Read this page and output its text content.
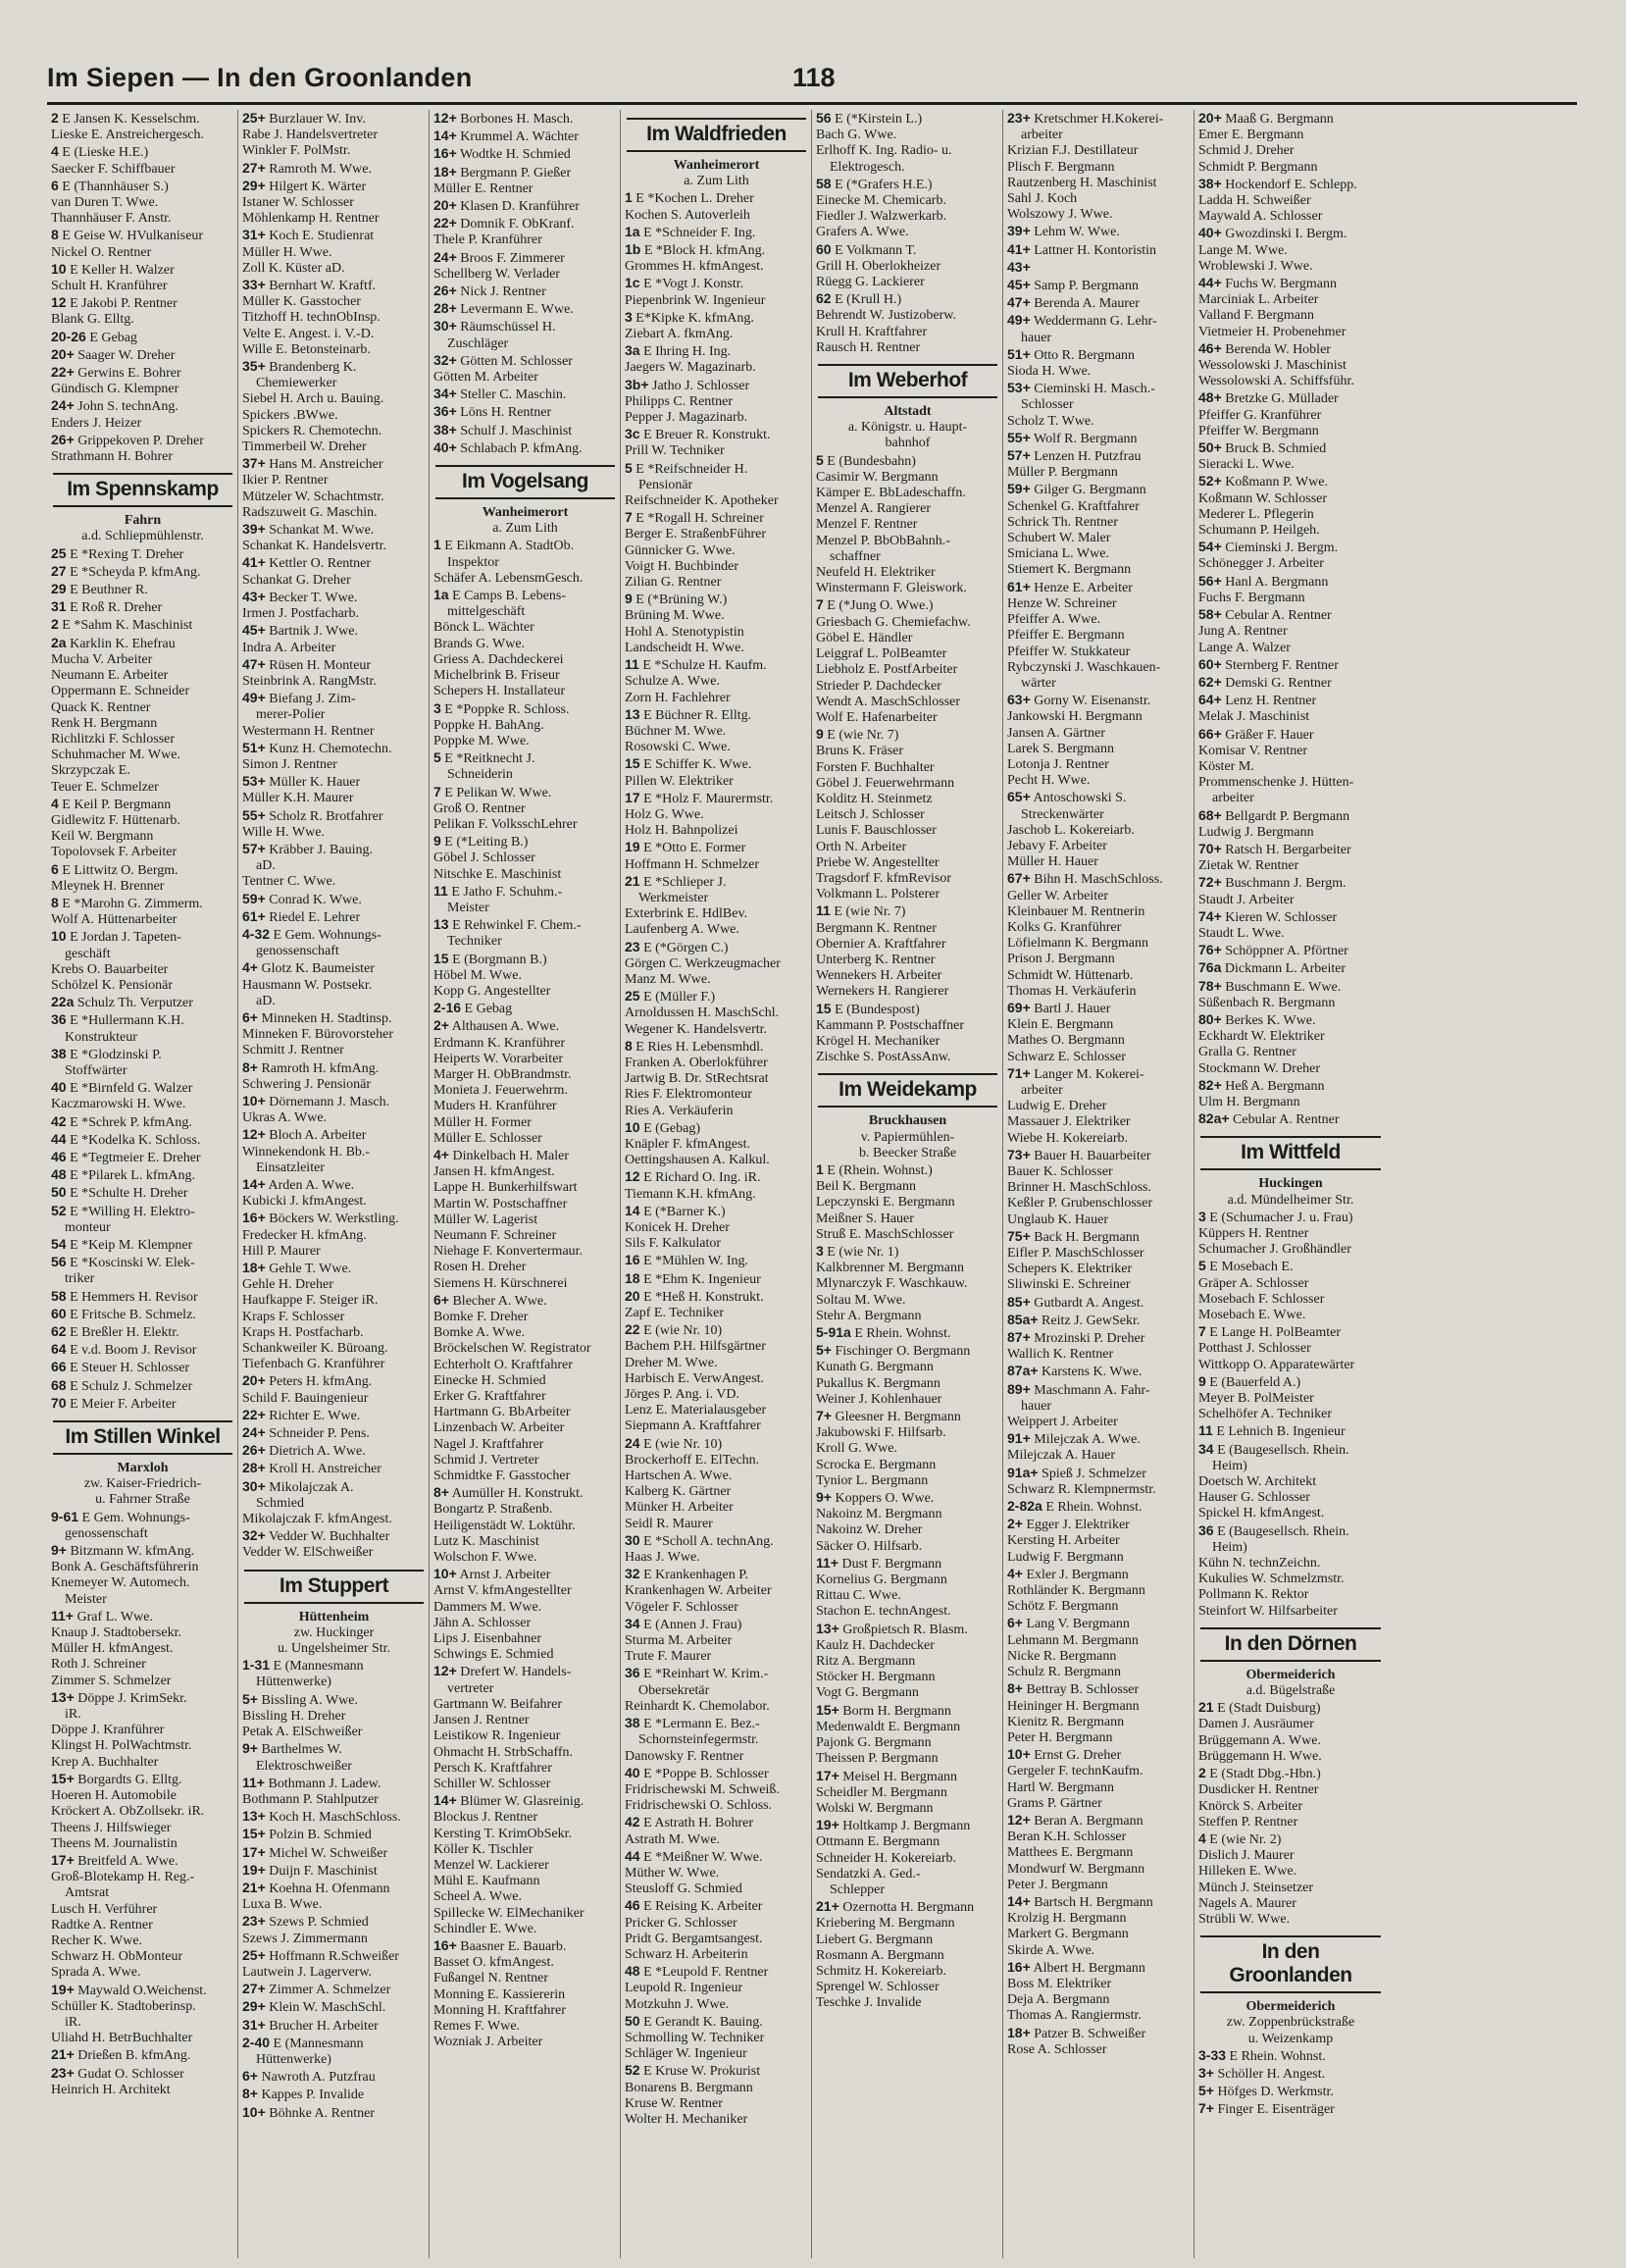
Im Siepen — In den Groonlanden	118
2 E Jansen K. Kesselschm.
Lieske E. Anstreichergesch.
4 E (Lieske H.E.)
Saecker F. Schiffbauer
6 E (Thannhäuser S.)
van Duren T. Wwe.
Thannhäuser F. Anstr.
8 E Geise W. HVulkaniseur
Nickel O. Rentner
10 E Keller H. Walzer
Schult H. Kranführer
12 E Jakobi P. Rentner
Blank G. Elltg.
20-26 E Gebag
20+ Saager W. Dreher
22+ Gerwins E. Bohrer
Gündisch G. Klempner
24+ John S. technAng.
Enders J. Heizer
26+ Grippekoven P. Dreher
Strathmann H. Bohrer
Im Spennskamp
Fahrn
a.d. Schliepmühlenstr.
25 E *Rexing T. Dreher
27 E *Scheyda P. kfmAng.
29 E Beuthner R.
31 E Roß R. Dreher
2 E *Sahm K. Maschinist
2a Karklin K. Ehefrau
Mucha V. Arbeiter
Neumann E. Arbeiter
Oppermann E. Schneider
Quack K. Rentner
Renk H. Bergmann
Richlitzki F. Schlosser
Schuhmacher M. Wwe.
Skrzypczak E.
Teuer E. Schmelzer
4 E Keil P. Bergmann
Gidlewitz F. Hüttenarb.
Keil W. Bergmann
Topolovsek F. Arbeiter
6 E Littwitz O. Bergm.
Mleynek H. Brenner
8 E *Marohn G. Zimmerm.
Wolf A. Hüttenarbeiter
10 E Jordan J. Tapeten-
geschäft
Krebs O. Bauarbeiter
Schölzel K. Pensionär
22a Schulz Th. Verputzer
36 E *Hullermann K.H.
Konstrukteur
38 E *Glodzinski P.
Stoffwärter
40 E *Birnfeld G. Walzer
Kaczmarowski H. Wwe.
42 E *Schrek P. kfmAng.
44 E *Kodelka K. Schloss.
46 E *Tegtmeier E. Dreher
48 E *Pilarek L. kfmAng.
50 E *Schulte H. Dreher
52 E *Willing H. Elektro-
monteur
54 E *Keip M. Klempner
56 E *Koscinski W. Elek-
triker
58 E Hemmers H. Revisor
60 E Fritsche B. Schmelz.
62 E Breßler H. Elektr.
64 E v.d. Boom J. Revisor
66 E Steuer H. Schlosser
68 E Schulz J. Schmelzer
70 E Meier F. Arbeiter
Im Stillen Winkel
Marxloh
zw. Kaiser-Friedrich-
u. Fahrner Straße
9-61 E Gem. Wohnungs-
genossenschaft
9+ Bitzmann W. kfmAng.
Bonk A. Geschäftsführerin
Knemeyer W. Automech.
Meister
11+ Graf L. Wwe.
Knaup J. Stadtobersekr.
Müller H. kfmAngest.
Roth J. Schreiner
Zimmer S. Schmelzer
13+ Döppe J. KrimSekr.
iR.
Döppe J. Kranführer
Klingst H. PolWachtmstr.
Krep A. Buchhalter
15+ Borgardts G. Elltg.
Hoeren H. Automobile
Kröckert A. ObZollsekr. iR.
Theens J. Hilfswieger
Theens M. Journalistin
17+ Breitfeld A. Wwe.
Groß-Blotekamp H. Reg.-
Amtsrat
Lusch H. Verführer
Radtke A. Rentner
Recher K. Wwe.
Schwarz H. ObMonteur
Sprada A. Wwe.
19+ Maywald O.Weichenst.
Schüller K. Stadtoberinsp.
iR.
Uliahd H. BetrBuchhalter
21+ Drießen B. kfmAng.
23+ Gudat O. Schlosser
Heinrich H. Architekt
25+ Burzlauer W. Inv.
Rabe J. Handelsvertreter
Winkler F. PolMstr.
27+ Ramroth M. Wwe.
29+ Hilgert K. Wärter
Istaner W. Schlosser
Möhlenkamp H. Rentner
31+ Koch E. Studienrat
Müller H. Wwe.
Zoll K. Küster aD.
33+ Bernhart W. Kraftf.
Müller K. Gasstocher
Titzhoff H. technObInsp.
Velte E. Angest. i. V.-D.
Wille E. Betonsteinarb.
35+ Brandenberg K.
Chemiewerker
Siebel H. Arch u. Bauing.
Spickers .BWwe.
Spickers R. Chemotechn.
Timmerbeil W. Dreher
37+ Hans M. Anstreicher
Ikier P. Rentner
Mützeler W. Schachtmstr.
Radszuweit G. Maschin.
39+ Schankat M. Wwe.
Schankat K. Handelsvertr.
41+ Kettler O. Rentner
Schankat G. Dreher
43+ Becker T. Wwe.
Irmen J. Postfacharb.
45+ Bartnik J. Wwe.
Indra A. Arbeiter
47+ Rüsen H. Monteur
Steinbrink A. RangMstr.
49+ Biefang J. Zim-
merer-Polier
Westermann H. Rentner
51+ Kunz H. Chemotechn.
Simon J. Rentner
53+ Müller K. Hauer
Müller K.H. Maurer
55+ Scholz R. Brotfahrer
Wille H. Wwe.
57+ Kräbber J. Bauing.
aD.
Tentner C. Wwe.
59+ Conrad K. Wwe.
61+ Riedel E. Lehrer
4-32 E Gem. Wohnungs-
genossenschaft
4+ Glotz K. Baumeister
Hausmann W. Postsekr.
aD.
6+ Minneken H. Stadtinsp.
Minneken F. Bürovorsteher
Schmitt J. Rentner
8+ Ramroth H. kfmAng.
Schwering J. Pensionär
10+ Dörnemann J. Masch.
Ukras A. Wwe.
12+ Bloch A. Arbeiter
Winnekendonk H. Bb.-
Einsatzleiter
14+ Arden A. Wwe.
Kubicki J. kfmAngest.
16+ Böckers W. Werkstling.
Fredecker H. kfmAng.
Hill P. Maurer
18+ Gehle T. Wwe.
Gehle H. Dreher
Haufkappe F. Steiger iR.
Kraps F. Schlosser
Kraps H. Postfacharb.
Schankweiler K. Büroang.
Tiefenbach G. Kranführer
20+ Peters H. kfmAng.
Schild F. Bauingenieur
22+ Richter E. Wwe.
24+ Schneider P. Pens.
26+ Dietrich A. Wwe.
28+ Kroll H. Anstreicher
30+ Mikolajczak A.
Schmied
Mikolajczak F. kfmAngest.
32+ Vedder W. Buchhalter
Vedder W. ElSchweißer
Im Stuppert
Hüttenheim
zw. Huckinger
u. Ungelsheimer Str.
1-31 E (Mannesmann
Hüttenwerke)
5+ Bissling A. Wwe.
Bissling H. Dreher
Petak A. ElSchweißer
9+ Barthelmes W.
Elektroschweißer
11+ Bothmann J. Ladew.
Bothmann P. Stahlputzer
13+ Koch H. MaschSchloss.
15+ Polzin B. Schmied
17+ Michel W. Schweißer
19+ Duijn F. Maschinist
21+ Koehna H. Ofenmann
Luxa B. Wwe.
23+ Szews P. Schmied
Szews J. Zimmermann
25+ Hoffmann R.Schweißer
Lautwein J. Lagerverw.
27+ Zimmer A. Schmelzer
29+ Klein W. MaschSchl.
31+ Brucher H. Arbeiter
2-40 E (Mannesmann
Hüttenwerke)
6+ Nawroth A. Putzfrau
8+ Kappes P. Invalide
10+ Böhnke A. Rentner
12+ Borbones H. Masch.
14+ Krummel A. Wächter
16+ Wodtke H. Schmied
18+ Bergmann P. Gießer
Müller E. Rentner
20+ Klasen D. Kranführer
22+ Domnik F. ObKranf.
Thele P. Kranführer
24+ Broos F. Zimmerer
Schellberg W. Verlader
26+ Nick J. Rentner
28+ Levermann E. Wwe.
30+ Räumschüssel H.
Zuschläger
32+ Götten M. Schlosser
Götten M. Arbeiter
34+ Steller C. Maschin.
36+ Löns H. Rentner
38+ Schulf J. Maschinist
40+ Schlabach P. kfmAng.
Im Vogelsang
Wanheimerort
a. Zum Lith
1 E Eikmann A. StadtOb.
Inspektor
Schäfer A. LebensmGesch.
1a E Camps B. Lebens-
mittelgeschäft
Bönck L. Wächter
Brands G. Wwe.
Griess A. Dachdeckerei
Michelbrink B. Friseur
Schepers H. Installateur
3 E *Poppke R. Schloss.
Poppke H. BahAng.
Poppke M. Wwe.
5 E *Reitknecht J.
Schneiderin
7 E Pelikan W. Wwe.
Groß O. Rentner
Pelikan F. VolksschLehrer
9 E (*Leiting B.)
Göbel J. Schlosser
Nitschke E. Maschinist
11 E Jatho F. Schuhm.-
Meister
13 E Rehwinkel F. Chem.-
Techniker
15 E (Borgmann B.)
Höbel M. Wwe.
Kopp G. Angestellter
2-16 E Gebag
2+ Althausen A. Wwe.
Erdmann K. Kranführer
Heiperts W. Vorarbeiter
Marger H. ObBrandmstr.
Monieta J. Feuerwehrm.
Muders H. Kranführer
Müller H. Former
Müller E. Schlosser
4+ Dinkelbach H. Maler
Jansen H. kfmAngest.
Lappe H. Bunkerhilfswart
Martin W. Postschaffner
Müller W. Lagerist
Neumann F. Schreiner
Niehage F. Konvertermaur.
Rosen H. Dreher
Siemens H. Kürschnerei
6+ Blecher A. Wwe.
Bomke F. Dreher
Bomke A. Wwe.
Bröckelschen W. Registrator
Echterholt O. Kraftfahrer
Einecke H. Schmied
Erker G. Kraftfahrer
Hartmann G. BbArbeiter
Linzenbach W. Arbeiter
Nagel J. Kraftfahrer
Schmid J. Vertreter
Schmidtke F. Gasstocher
8+ Aumüller H. Konstrukt.
Bongartz P. Straßenb.
Heiligenstädt W. Loktühr.
Lutz K. Maschinist
Wolschon F. Wwe.
10+ Arnst J. Arbeiter
Arnst V. kfmAngestellter
Dammers M. Wwe.
Jähn A. Schlosser
Lips J. Eisenbahner
Schwings E. Schmied
12+ Drefert W. Handels-
vertreter
Gartmann W. Beifahrer
Jansen J. Rentner
Leistikow R. Ingenieur
Ohmacht H. StrbSchaffn.
Persch K. Kraftfahrer
Schiller W. Schlosser
14+ Blümer W. Glasreinig.
Blockus J. Rentner
Kersting T. KrimObSekr.
Köller K. Tischler
Menzel W. Lackierer
Mühl E. Kaufmann
Scheel A. Wwe.
Spillecke W. ElMechaniker
Schindler E. Wwe.
16+ Baasner E. Bauarb.
Basset O. kfmAngest.
Fußangel N. Rentner
Monning E. Kassiererin
Monning H. Kraftfahrer
Remes F. Wwe.
Wozniak J. Arbeiter
Im Waldfrieden
Wanheimerort
a. Zum Lith
1 E *Kochen L. Dreher
Kochen S. Autoverleih
1a E *Schneider F. Ing.
1b E *Block H. kfmAng.
Grommes H. kfmAngest.
1c E *Vogt J. Konstr.
Piepenbrink W. Ingenieur
3 E*Kipke K. kfmAng.
Ziebart A. fkmAng.
3a E Ihring H. Ing.
Jaegers W. Magazinarb.
3b+ Jatho J. Schlosser
Philipps C. Rentner
Pepper J. Magazinarb.
3c E Breuer R. Konstrukt.
Prill W. Techniker
5 E *Reifschneider H.
Pensionär
Reifschneider K. Apotheker
7 E *Rogall H. Schreiner
Berger E. StraßenbFührer
Günnicker G. Wwe.
Voigt H. Buchbinder
Zilian G. Rentner
9 E (*Brüning W.)
Brüning M. Wwe.
Hohl A. Stenotypistin
Landscheidt H. Wwe.
11 E *Schulze H. Kaufm.
Schulze A. Wwe.
Zorn H. Fachlehrer
13 E Büchner R. Elltg.
Büchner M. Wwe.
Rosowski C. Wwe.
15 E Schiffer K. Wwe.
Pillen W. Elektriker
17 E *Holz F. Maurermstr.
Holz G. Wwe.
Holz H. Bahnpolizei
19 E *Otto E. Former
Hoffmann H. Schmelzer
21 E *Schlieper J.
Werkmeister
Exterbrink E. HdlBev.
Laufenberg A. Wwe.
23 E (*Görgen C.)
Görgen C. Werkzeugmacher
Manz M. Wwe.
25 E (Müller F.)
Arnoldussen H. MaschSchl.
Wegener K. Handelsvertr.
8 E Ries H. Lebensmhdl.
Franken A. Oberlokführer
Jartwig B. Dr. StRechtsrat
Ries F. Elektromonteur
Ries A. Verkäuferin
10 E (Gebag)
Knäpler F. kfmAngest.
Oettingshausen A. Kalkul.
12 E Richard O. Ing. iR.
Tiemann K.H. kfmAng.
14 E (*Barner K.)
Konicek H. Dreher
Sils F. Kalkulator
16 E *Mühlen W. Ing.
18 E *Ehm K. Ingenieur
20 E *Heß H. Konstrukt.
Zapf E. Techniker
22 E (wie Nr. 10)
Bachem P.H. Hilfsgärtner
Dreher M. Wwe.
Harbisch E. VerwAngest.
Jörges P. Ang. i. VD.
Lenz E. Materialausgeber
Siepmann A. Kraftfahrer
24 E (wie Nr. 10)
Brockerhoff E. ElTechn.
Hartschen A. Wwe.
Kalberg K. Gärtner
Münker H. Arbeiter
Seidl R. Maurer
30 E *Scholl A. technAng.
Haas J. Wwe.
32 E Krankenhagen P.
Krankenhagen W. Arbeiter
Vögeler F. Schlosser
34 E (Annen J. Frau)
Sturma M. Arbeiter
Trute F. Maurer
36 E *Reinhart W. Krim.-
Obersekretär
Reinhardt K. Chemolabor.
38 E *Lermann E. Bez.-
Schornsteinfegermstr.
Danowsky F. Rentner
40 E *Poppe B. Schlosser
Fridrischewski M. Schweiß.
Fridrischewski O. Schloss.
42 E Astrath H. Bohrer
Astrath M. Wwe.
44 E *Meißner W. Wwe.
Müther W. Wwe.
Steusloff G. Schmied
46 E Reising K. Arbeiter
Pricker G. Schlosser
Pridt G. Bergamtsangest.
Schwarz H. Arbeiterin
48 E *Leupold F. Rentner
Leupold R. Ingenieur
Motzkuhn J. Wwe.
50 E Gerandt K. Bauing.
Schmolling W. Techniker
Schläger W. Ingenieur
52 E Kruse W. Prokurist
Bonarens B. Bergmann
Kruse W. Rentner
Wolter H. Mechaniker
56 E (*Kirstein L.)
Bach G. Wwe.
Erlhoff K. Ing. Radio- u.
Elektrogesch.
58 E (*Grafers H.E.)
Einecke M. Chemicarb.
Fiedler J. Walzwerkarb.
Grafers A. Wwe.
60 E Volkmann T.
Grill H. Oberlokheizer
Rüegg G. Lackierer
62 E (Krull H.)
Behrendt W. Justizoberw.
Krull H. Kraftfahrer
Rausch H. Rentner
Im Weberhof
Altstadt
a. Königstr. u. Haupt-
bahnhof
5 E (Bundesbahn)
Casimir W. Bergmann
Kämper E. BbLadeschaffn.
Menzel A. Rangierer
Menzel F. Rentner
Menzel P. BbObBahnh.-
schaffner
Neufeld H. Elektriker
Winstermann F. Gleiswork.
7 E (*Jung O. Wwe.)
Griesbach G. Chemiefachw.
Göbel E. Händler
Leiggraf L. PolBeamter
Liebholz E. PostfArbeiter
Strieder P. Dachdecker
Wendt A. MaschSchlosser
Wolf E. Hafenarbeiter
9 E (wie Nr. 7)
Bruns K. Fräser
Forsten F. Buchhalter
Göbel J. Feuerwehrmann
Kolditz H. Steinmetz
Leitsch J. Schlosser
Lunis F. Bauschlosser
Orth N. Arbeiter
Priebe W. Angestellter
Tragsdorf F. kfmRevisor
Volkmann L. Polsterer
11 E (wie Nr. 7)
Bergmann K. Rentner
Obernier A. Kraftfahrer
Unterberg K. Rentner
Wennekers H. Arbeiter
Wernekers H. Rangierer
15 E (Bundespost)
Kammann P. Postschaffner
Krögel H. Mechaniker
Zischke S. PostAssAnw.
Im Weidekamp
Bruckhausen
v. Papiermühlen-
b. Beecker Straße
1 E (Rhein. Wohnst.)
Beil K. Bergmann
Lepczynski E. Bergmann
Meißner S. Hauer
Struß E. MaschSchlosser
3 E (wie Nr. 1)
Kalkbrenner M. Bergmann
Mlynarczyk F. Waschkauw.
Soltau M. Wwe.
Stehr A. Bergmann
5-91a E Rhein. Wohnst.
5+ Fischinger O. Bergmann
Kunath G. Bergmann
Pukallus K. Bergmann
Weiner J. Kohlenhauer
7+ Gleesner H. Bergmann
Jakubowski F. Hilfsarb.
Kroll G. Wwe.
Scrocka E. Bergmann
Tynior L. Bergmann
9+ Koppers O. Wwe.
Nakoinz M. Bergmann
Nakoinz W. Dreher
Säcker O. Hilfsarb.
11+ Dust F. Bergmann
Kornelius G. Bergmann
Rittau C. Wwe.
Stachon E. technAngest.
13+ Großpietsch R. Blasm.
Kaulz H. Dachdecker
Ritz A. Bergmann
Stöcker H. Bergmann
Vogt G. Bergmann
15+ Borm H. Bergmann
Medenwaldt E. Bergmann
Pajonk G. Bergmann
Theissen P. Bergmann
17+ Meisel H. Bergmann
Scheidler M. Bergmann
Wolski W. Bergmann
19+ Holtkamp J. Bergmann
Ottmann E. Bergmann
Schneider H. Kokereiarb.
Sendatzki A. Ged.-
Schlepper
21+ Ozernotta H. Bergmann
Kriebering M. Bergmann
Liebert G. Bergmann
Rosmann A. Bergmann
Schmitz H. Kokereiarb.
Sprengel W. Schlosser
Teschke J. Invalide
23+ Kretschmer H.Kokerei-
arbeiter
Krizian F.J. Destillateur
Plisch F. Bergmann
Rautzenberg H. Maschinist
Sahl J. Koch
Wolszowy J. Wwe.
39+ Lehm W. Wwe.
41+ Lattner H. Kontoristin
43+
45+ Samp P. Bergmann
47+ Berenda A. Maurer
49+ Weddermann G. Lehr-
hauer
51+ Otto R. Bergmann
Sioda H. Wwe.
53+ Cieminski H. Masch.-
Schlosser
Scholz T. Wwe.
55+ Wolf R. Bergmann
57+ Lenzen H. Putzfrau
Müller P. Bergmann
59+ Gilger G. Bergmann
Schenkel G. Kraftfahrer
Schrick Th. Rentner
Schubert W. Maler
Smiciana L. Wwe.
Stiemert K. Bergmann
61+ Henze E. Arbeiter
Henze W. Schreiner
Pfeiffer A. Wwe.
Pfeiffer E. Bergmann
Pfeiffer W. Stukkateur
Rybczynski J. Waschkauen-
wärter
63+ Gorny W. Eisenanstr.
Jankowski H. Bergmann
Jansen A. Gärtner
Larek S. Bergmann
Lotonja J. Rentner
Pecht H. Wwe.
65+ Antoschowski S.
Streckenwärter
Jaschob L. Kokereiarb.
Jebavy F. Arbeiter
Müller H. Hauer
67+ Bihn H. MaschSchloss.
Geller W. Arbeiter
Kleinbauer M. Rentnerin
Kolks G. Kranführer
Löfielmann K. Bergmann
Prison J. Bergmann
Schmidt W. Hüttenarb.
Thomas H. Verkäuferin
69+ Bartl J. Hauer
Klein E. Bergmann
Mathes O. Bergmann
Schwarz E. Schlosser
71+ Langer M. Kokerei-
arbeiter
Ludwig E. Dreher
Massauer J. Elektriker
Wiebe H. Kokereiarb.
73+ Bauer H. Bauarbeiter
Bauer K. Schlosser
Brinner H. MaschSchloss.
Keßler P. Grubenschlosser
Unglaub K. Hauer
75+ Back H. Bergmann
Eifler P. MaschSchlosser
Schepers K. Elektriker
Sliwinski E. Schreiner
85+ Gutbardt A. Angest.
85a+ Reitz J. GewSekr.
87+ Mrozinski P. Dreher
Wallich K. Rentner
87a+ Karstens K. Wwe.
89+ Maschmann A. Fahr-
hauer
Weippert J. Arbeiter
91+ Milejczak A. Wwe.
Milejczak A. Hauer
91a+ Spieß J. Schmelzer
Schwarz R. Klempnermstr.
2-82a E Rhein. Wohnst.
2+ Egger J. Elektriker
Kersting H. Arbeiter
Ludwig F. Bergmann
4+ Exler J. Bergmann
Rothländer K. Bergmann
Schötz F. Bergmann
6+ Lang V. Bergmann
Lehmann M. Bergmann
Nicke R. Bergmann
Schulz R. Bergmann
8+ Bettray B. Schlosser
Heininger H. Bergmann
Kienitz R. Bergmann
Peter H. Bergmann
10+ Ernst G. Dreher
Gergeler F. technKaufm.
Hartl W. Bergmann
Grams P. Gärtner
12+ Beran A. Bergmann
Beran K.H. Schlosser
Matthees E. Bergmann
Mondwurf W. Bergmann
Peter J. Bergmann
14+ Bartsch H. Bergmann
Krolzig H. Bergmann
Markert G. Bergmann
Skirde A. Wwe.
16+ Albert H. Bergmann
Boss M. Elektriker
Deja A. Bergmann
Thomas A. Rangiermstr.
18+ Patzer B. Schweißer
Rose A. Schlosser
20+ Maaß G. Bergmann
Emer E. Bergmann
Schmid J. Dreher
Schmidt P. Bergmann
38+ Hockendorf E. Schlepp.
Ladda H. Schweißer
Maywald A. Schlosser
40+ Gwozdinski I. Bergm.
Lange M. Wwe.
Wroblewski J. Wwe.
44+ Fuchs W. Bergmann
Marciniak L. Arbeiter
Valland F. Bergmann
Vietmeier H. Probenehmer
46+ Berenda W. Hobler
Wessolowski J. Maschinist
Wessolowski A. Schiffsführ.
48+ Bretzke G. Müllader
Pfeiffer G. Kranführer
Pfeiffer W. Bergmann
50+ Bruck B. Schmied
Sieracki L. Wwe.
52+ Koßmann P. Wwe.
Koßmann W. Schlosser
Mederer L. Pflegerin
Schumann P. Heilgeh.
54+ Cieminski J. Bergm.
Schönegger J. Arbeiter
56+ Hanl A. Bergmann
Fuchs F. Bergmann
58+ Cebular A. Rentner
Jung A. Rentner
Lange A. Walzer
60+ Sternberg F. Rentner
62+ Demski G. Rentner
64+ Lenz H. Rentner
Melak J. Maschinist
66+ Gräßer F. Hauer
Komisar V. Rentner
Köster M.
Prommenschenke J. Hütten-
arbeiter
68+ Bellgardt P. Bergmann
Ludwig J. Bergmann
70+ Ratsch H. Bergarbeiter
Zietak W. Rentner
72+ Buschmann J. Bergm.
Staudt J. Arbeiter
74+ Kieren W. Schlosser
Staudt L. Wwe.
76+ Schöppner A. Pförtner
76a Dickmann L. Arbeiter
78+ Buschmann E. Wwe.
Süßenbach R. Bergmann
80+ Berkes K. Wwe.
Eckhardt W. Elektriker
Gralla G. Rentner
Stockmann W. Dreher
82+ Heß A. Bergmann
Ulm H. Bergmann
82a+ Cebular A. Rentner
Im Wittfeld
Huckingen
a.d. Mündelheimer Str.
3 E (Schumacher J. u. Frau)
Küppers H. Rentner
Schumacher J. Großhändler
5 E Mosebach E.
Gräper A. Schlosser
Mosebach F. Schlosser
Mosebach E. Wwe.
7 E Lange H. PolBeamter
Potthast J. Schlosser
Wittkopp O. Apparatewärter
9 E (Bauerfeld A.)
Meyer B. PolMeister
Schelhöfer A. Techniker
11 E Lehnich B. Ingenieur
34 E (Baugesellsch. Rhein.
Heim)
Doetsch W. Architekt
Hauser G. Schlosser
Spickel H. kfmAngest.
36 E (Baugesellsch. Rhein.
Heim)
Kühn N. technZeichn.
Kukulies W. Schmelzmstr.
Pollmann K. Rektor
Steinfort W. Hilfsarbeiter
In den Dörnen
Obermeiderich
a.d. Bügelstraße
21 E (Stadt Duisburg)
Damen J. Ausräumer
Brüggemann A. Wwe.
Brüggemann H. Wwe.
2 E (Stadt Dbg.-Hbn.)
Dusdicker H. Rentner
Knörck S. Arbeiter
Steffen P. Rentner
4 E (wie Nr. 2)
Dislich J. Maurer
Hilleken E. Wwe.
Münch J. Steinsetzer
Nagels A. Maurer
Strübli W. Wwe.
In den Groonlanden
Obermeiderich
zw. Zoppenbrückstraße
u. Weizenkamp
3-33 E Rhein. Wohnst.
3+ Schöller H. Angest.
5+ Höfges D. Werkmstr.
7+ Finger E. Eisenträger
